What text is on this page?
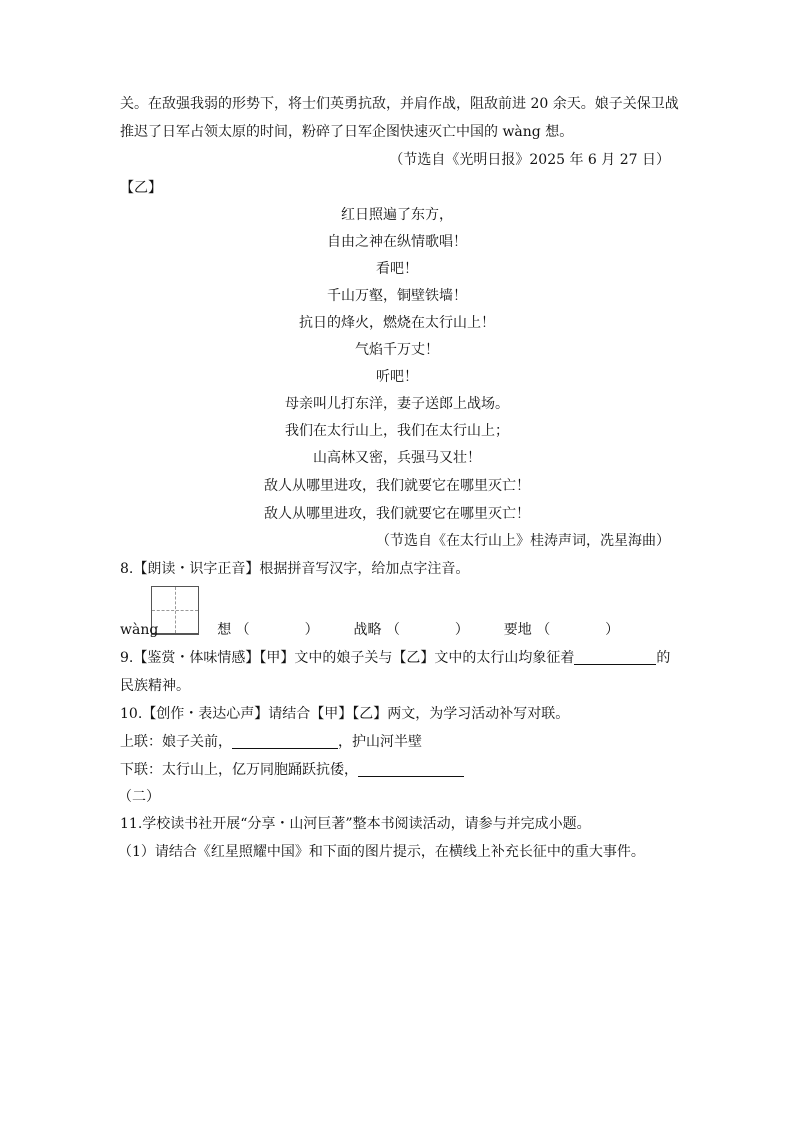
关。在敌强我弱的形势下，将士们英勇抗敌，并肩作战，阻敌前进 20 余天。娘子关保卫战
推迟了日军占领太原的时间，粉碎了日军企图快速灭亡中国的 wàng 想。
（节选自《光明日报》2025 年 6 月 27 日）
【乙】
红日照遍了东方，
自由之神在纵情歌唱！
看吧！
千山万壑，铜壁铁墙！
抗日的烽火，燃烧在太行山上！
气焰千万丈！
听吧！
母亲叫儿打东洋，妻子送郎上战场。
我们在太行山上，我们在太行山上；
山高林又密，兵强马又壮！
敌人从哪里进攻，我们就要它在哪里灭亡！
敌人从哪里进攻，我们就要它在哪里灭亡！
（节选自《在太行山上》桂涛声词，冼星海曲）
8.【朗读・识字正音】根据拼音写汉字，给加点字注音。
wàng	想 （	） 战略 （	） 要地 （	）
9.【鉴赏・体味情感】【甲】文中的娘子关与【乙】文中的太行山均象征着	的
民族精神。
10.【创作・表达心声】请结合【甲】【乙】两文，为学习活动补写对联。
上联：娘子关前，	，护山河半壁
下联：太行山上，亿万同胞踊跃抗倭，
（二）
11.学校读书社开展“分享・山河巨著”整本书阅读活动，请参与并完成小题。
（1）请结合《红星照耀中国》和下面的图片提示，在横线上补充长征中的重大事件。
